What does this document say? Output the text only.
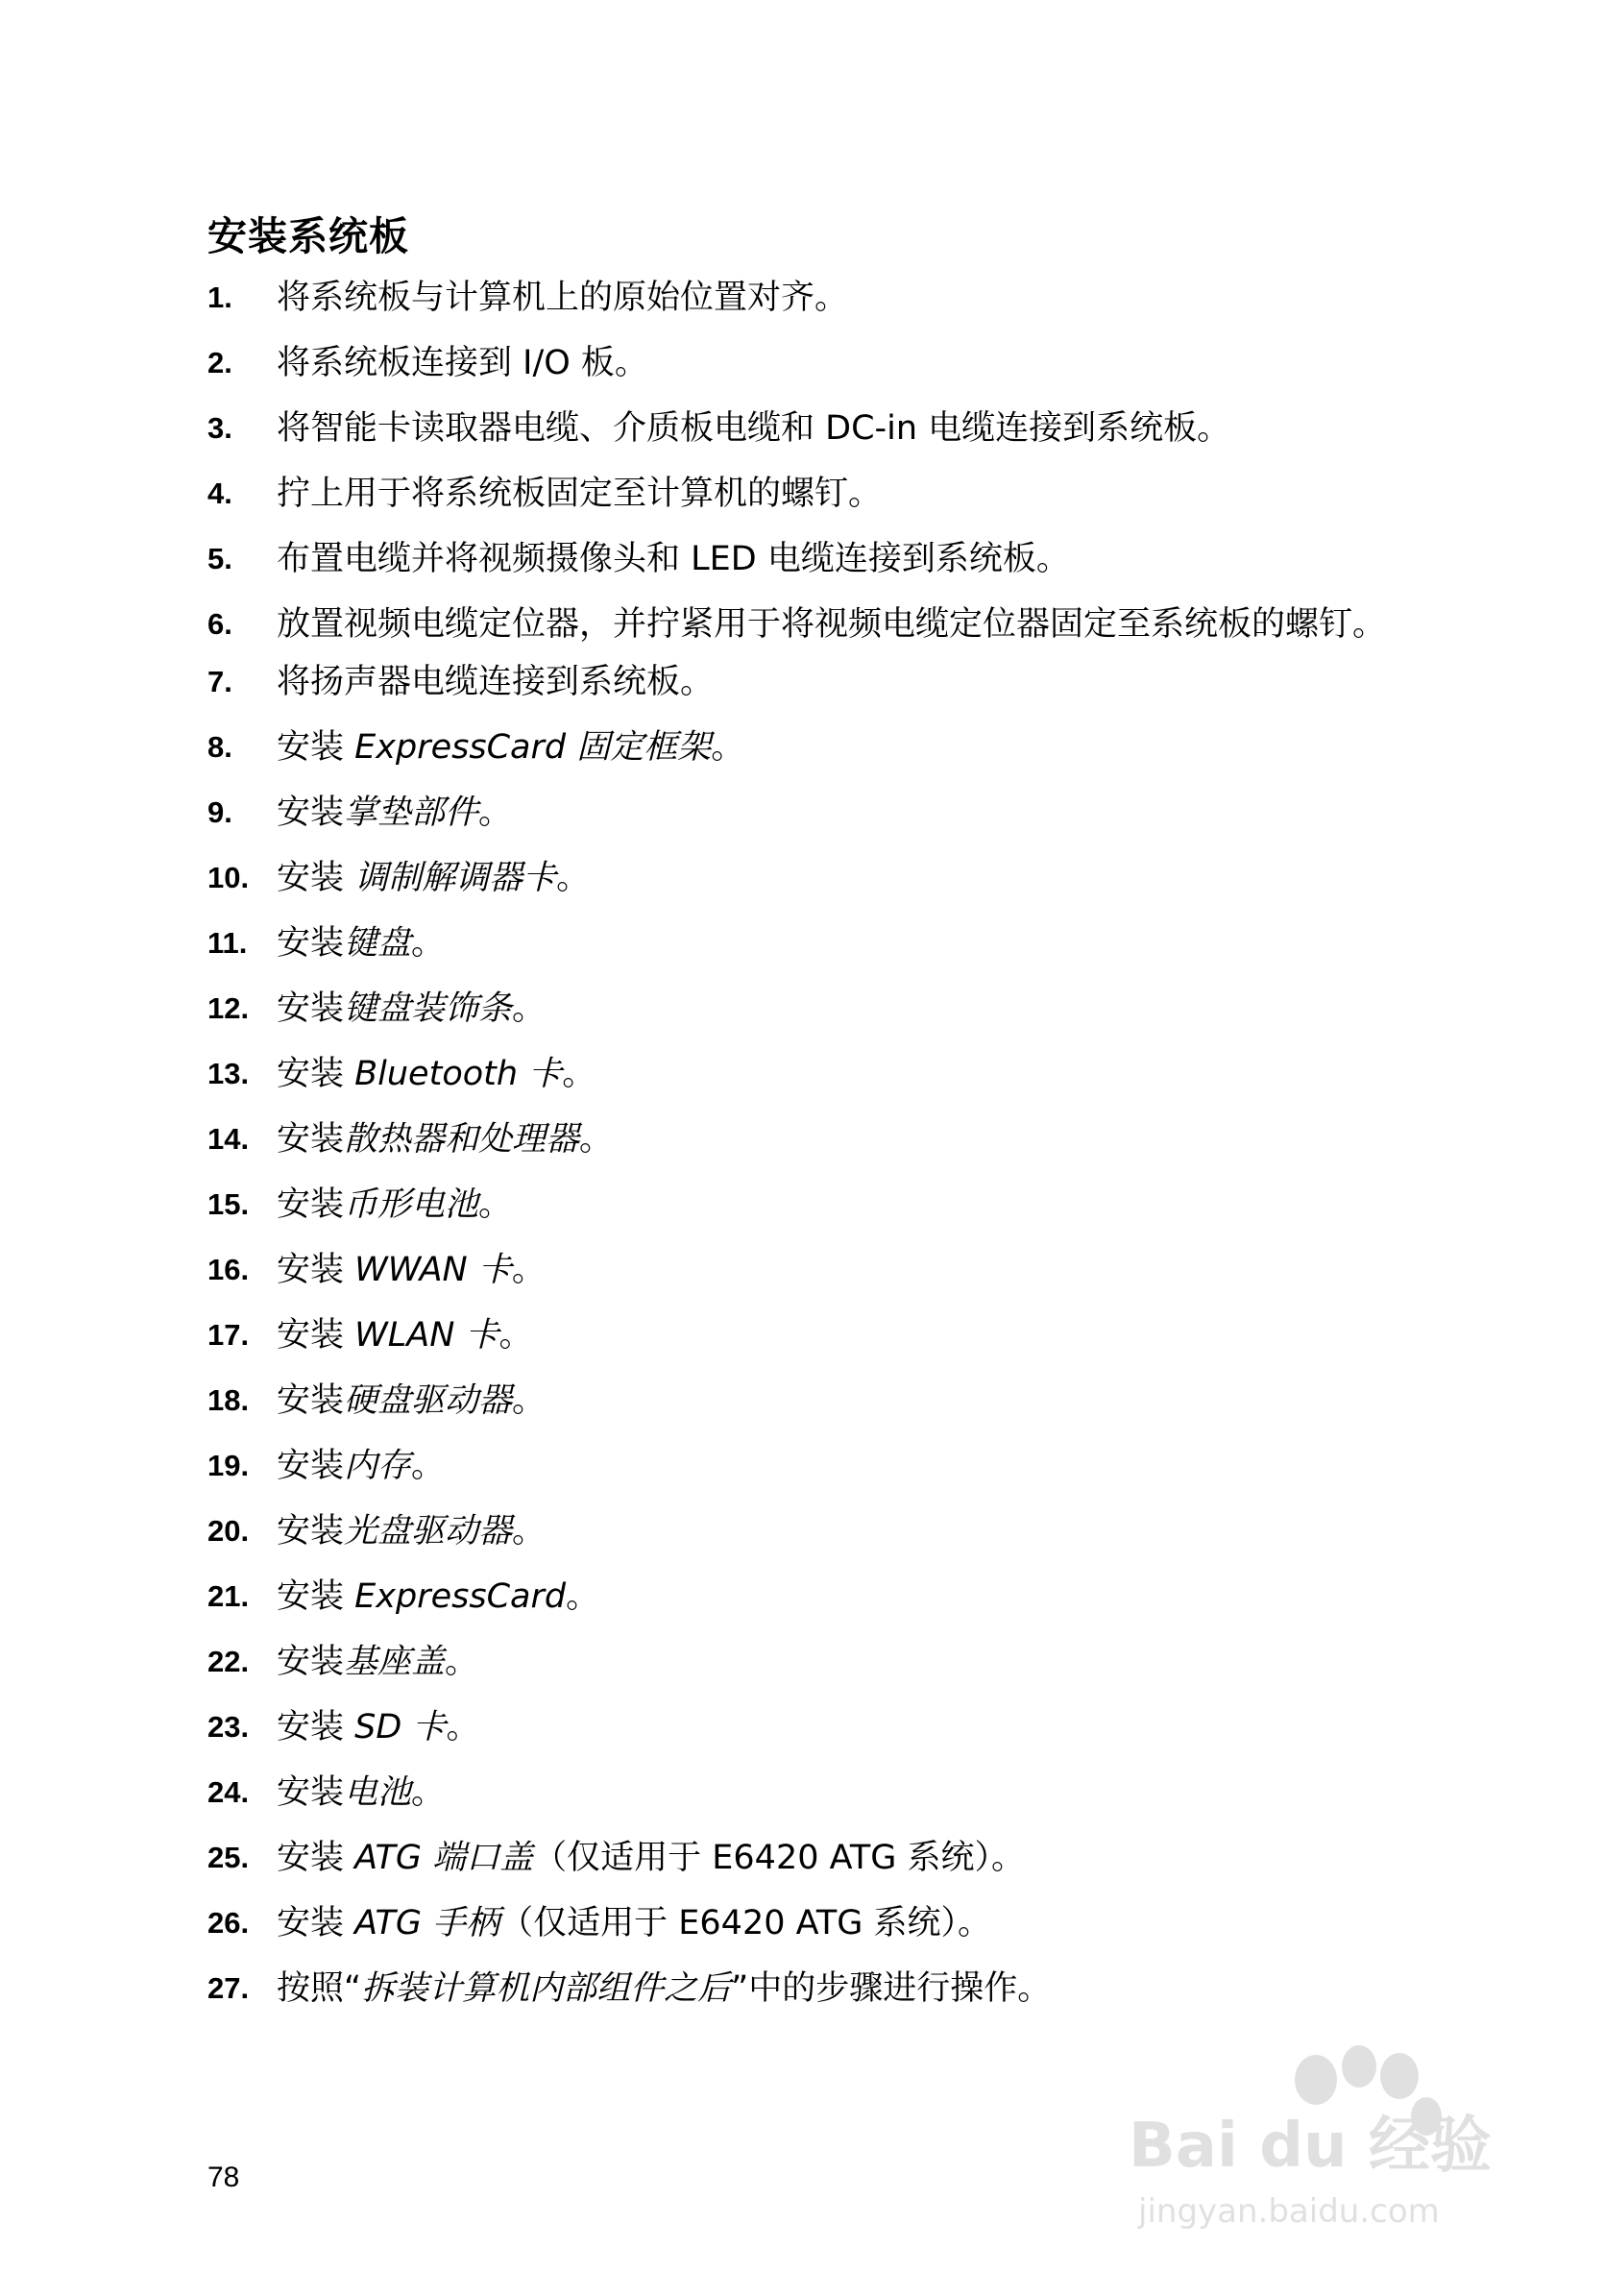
安装系统板
1.	将系统板与计算机上的原始位置对齐。
2.	将系统板连接到 I/O 板。
3.	将智能卡读取器电缆、介质板电缆和 DC-in 电缆连接到系统板。
4.	拧上用于将系统板固定至计算机的螺钉。
5.	布置电缆并将视频摄像头和 LED 电缆连接到系统板。
6.	放置视频电缆定位器，并拧紧用于将视频电缆定位器固定至系统板的螺钉。
7.	将扬声器电缆连接到系统板。
8.	安装 ExpressCard 固定框架。
9.	安装掌垫部件。
10. 安装 调制解调器卡。
11. 安装键盘。
12. 安装键盘装饰条。
13. 安装 Bluetooth 卡。
14. 安装散热器和处理器。
15. 安装币形电池。
16. 安装 WWAN 卡。
17. 安装 WLAN 卡。
18. 安装硬盘驱动器。
19. 安装内存。
20. 安装光盘驱动器。
21. 安装 ExpressCard。
22. 安装基座盖。
23. 安装 SD 卡。
24. 安装电池。
25. 安装 ATG 端口盖（仅适用于 E6420 ATG 系统）。
26. 安装 ATG 手柄（仅适用于 E6420 ATG 系统）。
27. 按照“拆装计算机内部组件之后”中的步骤进行操作。
78	Bai du 经验
jingyan.baidu.com
